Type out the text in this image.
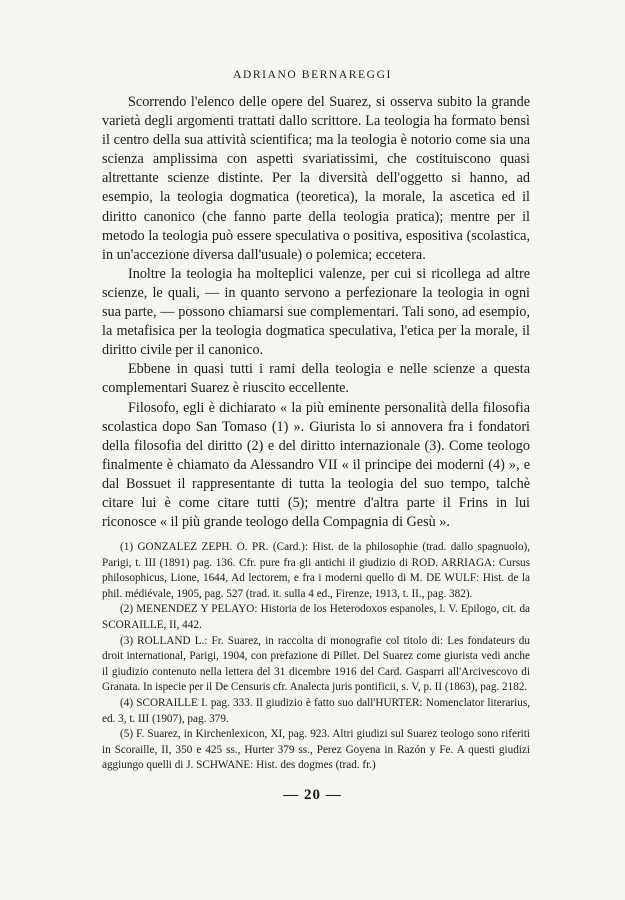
ADRIANO BERNAREGGI

Scorrendo l'elenco delle opere del Suarez, si osserva subito la grande varietà degli argomenti trattati dallo scrittore. La teologia ha formato bensì il centro della sua attività scientifica; ma la teologia è notorio come sia una scienza amplissima con aspetti svariatissimi, che costituiscono quasi altrettante scienze distinte. Per la diversità dell'oggetto si hanno, ad esempio, la teologia dogmatica (teoretica), la morale, la ascetica ed il diritto canonico (che fanno parte della teologia pratica); mentre per il metodo la teologia può essere speculativa o positiva, espositiva (scolastica, in un'accezione diversa dall'usuale) o polemica; eccetera.

Inoltre la teologia ha molteplici valenze, per cui si ricollega ad altre scienze, le quali, — in quanto servono a perfezionare la teologia in ogni sua parte, — possono chiamarsi sue complementari. Tali sono, ad esempio, la metafisica per la teologia dogmatica speculativa, l'etica per la morale, il diritto civile per il canonico.

Ebbene in quasi tutti i rami della teologia e nelle scienze a questa complementari Suarez è riuscito eccellente.

Filosofo, egli è dichiarato « la più eminente personalità della filosofia scolastica dopo San Tomaso (1) ». Giurista lo si annovera fra i fondatori della filosofia del diritto (2) e del diritto internazionale (3). Come teologo finalmente è chiamato da Alessandro VII « il principe dei moderni (4) », e dal Bossuet il rappresentante di tutta la teologia del suo tempo, talchè citare lui è come citare tutti (5); mentre d'altra parte il Frins in lui riconosce « il più grande teologo della Compagnia di Gesù ».

(1) GONZALEZ ZEPH. O. PR. (Card.): Hist. de la philosophie (trad. dallo spagnuolo), Parigi, t. III (1891) pag. 136. Cfr. pure fra gli antichi il giudizio di ROD. ARRIAGA: Cursus philosophicus, Lione, 1644, Ad lectorem, e fra i moderni quello di M. DE WULF: Hist. de la phil. médiévale, 1905, pag. 527 (trad. it. sulla 4 ed., Firenze, 1913, t. II., pag. 382).

(2) MENENDEZ Y PELAYO: Historia de los Heterodoxos espanoles, l. V. Epilogo, cit. da SCORAILLE, II, 442.

(3) ROLLAND L.: Fr. Suarez, in raccolta di monografie col titolo di: Les fondateurs du droit international, Parigi, 1904, con prefazione di Pillet. Del Suarez come giurista vedi anche il giudizio contenuto nella lettera del 31 dicembre 1916 del Card. Gasparri all'Arcivescovo di Granata. In ispecie per il De Censuris cfr. Analecta juris pontificii, s. V, p. II (1863), pag. 2182.

(4) SCORAILLE I. pag. 333. Il giudizio è fatto suo dall'HURTER: Nomenclator literarius, ed. 3, t. III (1907), pag. 379.

(5) F. Suarez, in Kirchenlexicon, XI, pag. 923. Altri giudizi sul Suarez teologo sono riferiti in Scoraille, II, 350 e 425 ss., Hurter 379 ss., Perez Goyena in Razón y Fe. A questi giudizi aggiungo quelli di J. SCHWANE: Hist. des dogmes (trad. fr.)

— 20 —
